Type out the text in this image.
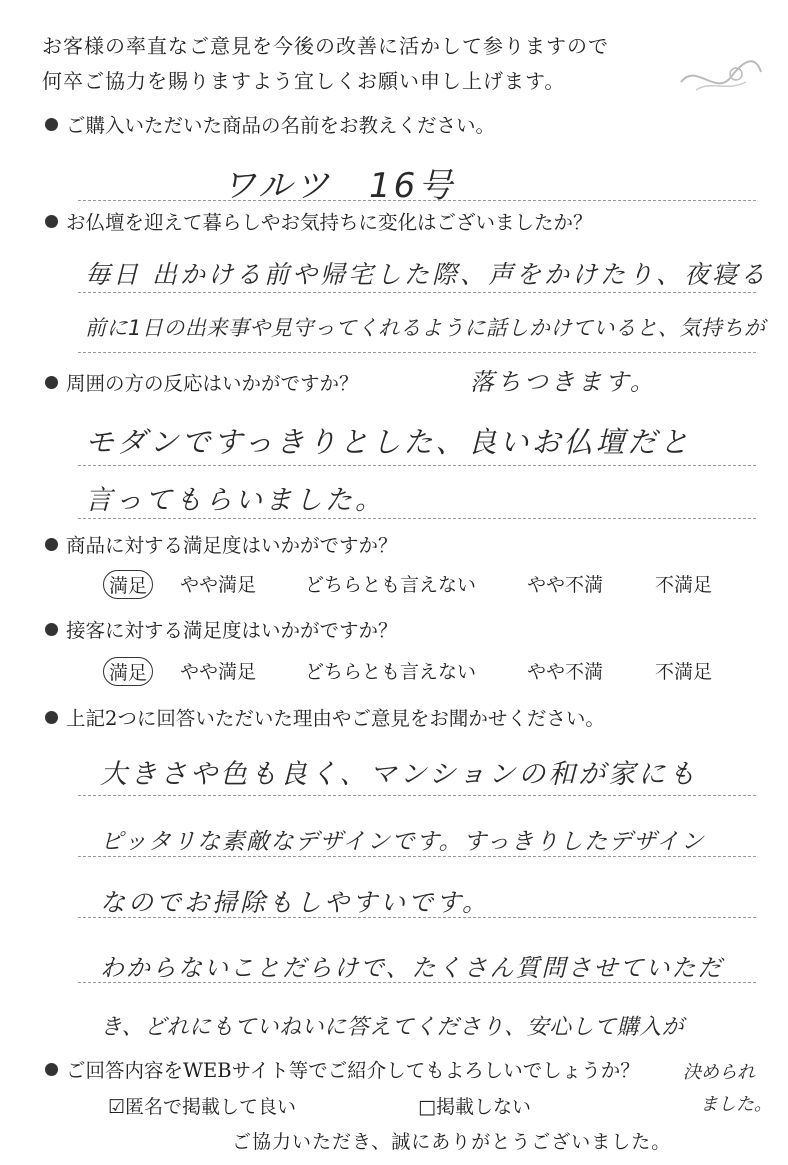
お客様の率直なご意見を今後の改善に活かして参りますので
何卒ご協力を賜りますよう宜しくお願い申し上げます。
ご購入いただいた商品の名前をお教えください。
ワルツ　16号
お仏壇を迎えて暮らしやお気持ちに変化はございましたか？
毎日 出かける前や帰宅した際、声をかけたり、夜寝る
前に1日の出来事や見守ってくれるように話しかけていると、気持ちが
周囲の方の反応はいかがですか？	落ちつきます。
モダンですっきりとした、良いお仏壇だと
言ってもらいました。
商品に対する満足度はいかがですか？
満足	やや満足	どちらとも言えない	やや不満	不満足
接客に対する満足度はいかがですか？
満足	やや満足	どちらとも言えない	やや不満	不満足
上記2つに回答いただいた理由やご意見をお聞かせください。
大きさや色も良く、マンションの和が家にも
ピッタリな素敵なデザインです。すっきりしたデザイン
なのでお掃除もしやすいです。
わからないことだらけで、たくさん質問させていただ
き、どれにもていねいに答えてくださり、安心して購入が
決められ
ました。
ご回答内容をWEBサイト等でご紹介してもよろしいでしょうか？
☑匿名で掲載して良い	□掲載しない
ご協力いただき、誠にありがとうございました。
